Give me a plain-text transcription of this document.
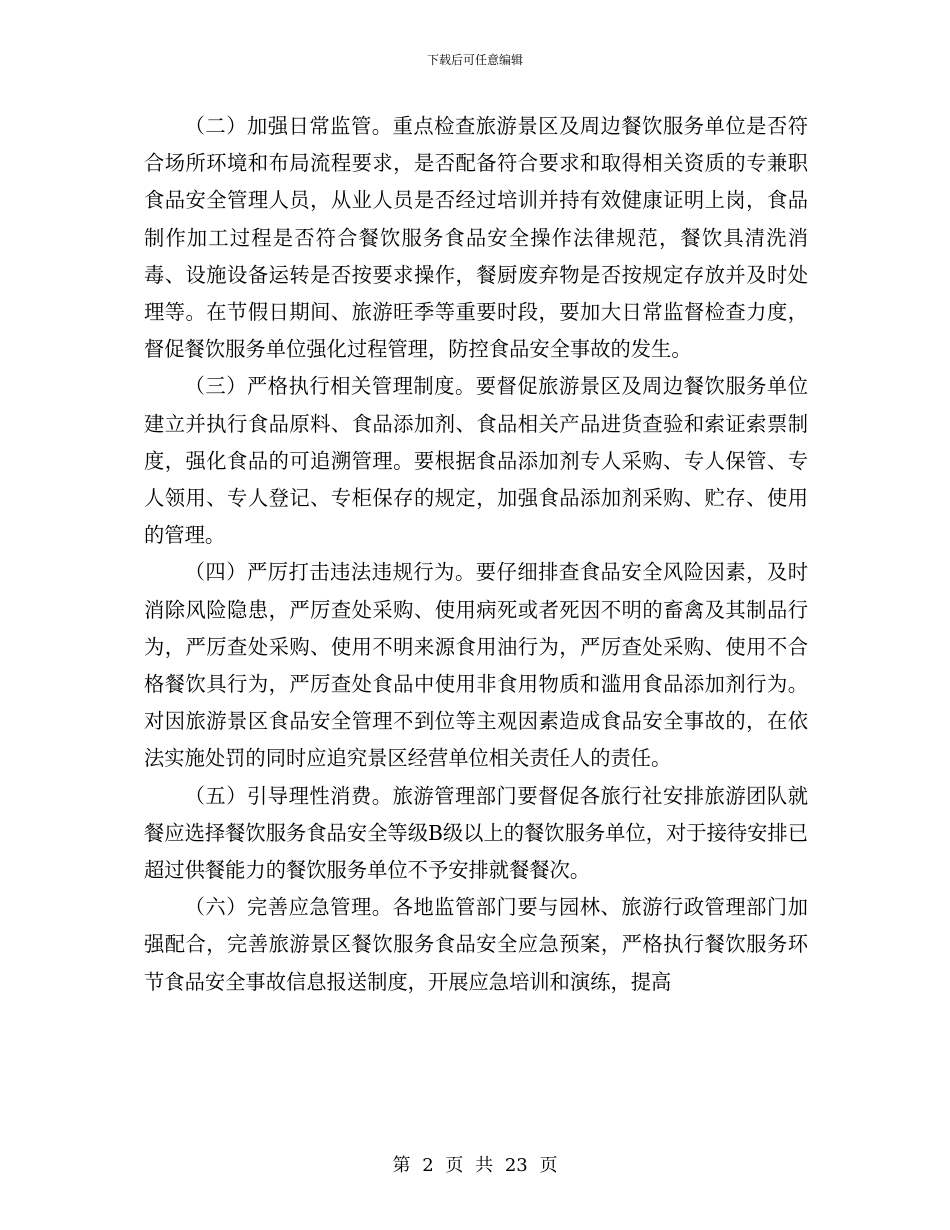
下载后可任意编辑

（二）加强日常监管。重点检查旅游景区及周边餐饮服务单位是否符合场所环境和布局流程要求，是否配备符合要求和取得相关资质的专兼职食品安全管理人员，从业人员是否经过培训并持有效健康证明上岗，食品制作加工过程是否符合餐饮服务食品安全操作法律规范，餐饮具清洗消毒、设施设备运转是否按要求操作，餐厨废弃物是否按规定存放并及时处理等。在节假日期间、旅游旺季等重要时段，要加大日常监督检查力度，督促餐饮服务单位强化过程管理，防控食品安全事故的发生。

（三）严格执行相关管理制度。要督促旅游景区及周边餐饮服务单位建立并执行食品原料、食品添加剂、食品相关产品进货查验和索证索票制度，强化食品的可追溯管理。要根据食品添加剂专人采购、专人保管、专人领用、专人登记、专柜保存的规定，加强食品添加剂采购、贮存、使用的管理。

（四）严厉打击违法违规行为。要仔细排查食品安全风险因素，及时消除风险隐患，严厉查处采购、使用病死或者死因不明的畜禽及其制品行为，严厉查处采购、使用不明来源食用油行为，严厉查处采购、使用不合格餐饮具行为，严厉查处食品中使用非食用物质和滥用食品添加剂行为。对因旅游景区食品安全管理不到位等主观因素造成食品安全事故的，在依法实施处罚的同时应追究景区经营单位相关责任人的责任。

（五）引导理性消费。旅游管理部门要督促各旅行社安排旅游团队就餐应选择餐饮服务食品安全等级B级以上的餐饮服务单位，对于接待安排已超过供餐能力的餐饮服务单位不予安排就餐餐次。

（六）完善应急管理。各地监管部门要与园林、旅游行政管理部门加强配合，完善旅游景区餐饮服务食品安全应急预案，严格执行餐饮服务环节食品安全事故信息报送制度，开展应急培训和演练，提高

第 2 页 共 23 页
